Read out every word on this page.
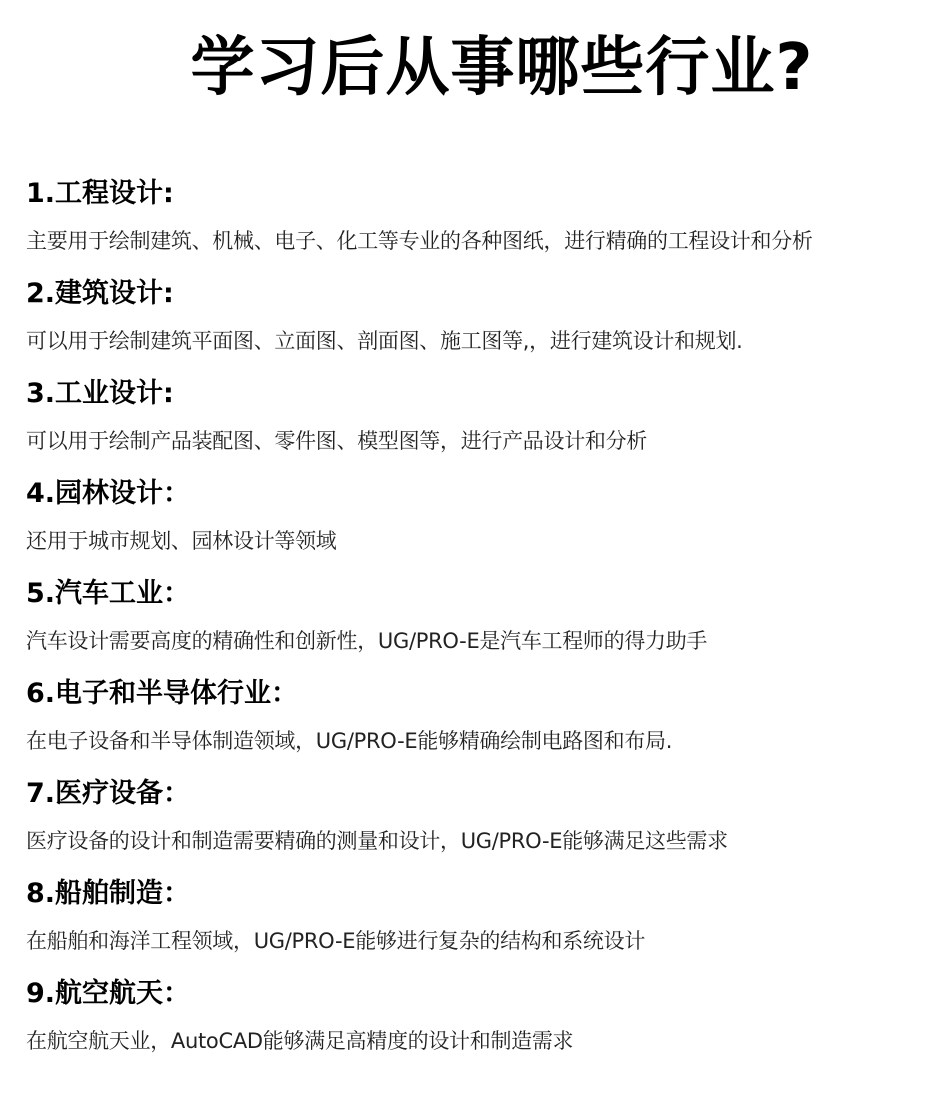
学习后从事哪些行业?
1.工程设计:
主要用于绘制建筑、机械、电子、化工等专业的各种图纸，进行精确的工程设计和分析
2.建筑设计:
可以用于绘制建筑平面图、立面图、剖面图、施工图等,，进行建筑设计和规划.
3.工业设计:
可以用于绘制产品装配图、零件图、模型图等，进行产品设计和分析
4.园林设计：
还用于城市规划、园林设计等领域
5.汽车工业：
汽车设计需要高度的精确性和创新性，UG/PRO-E是汽车工程师的得力助手
6.电子和半导体行业：
在电子设备和半导体制造领域，UG/PRO-E能够精确绘制电路图和布局.
7.医疗设备：
医疗设备的设计和制造需要精确的测量和设计，UG/PRO-E能够满足这些需求
8.船舶制造：
在船舶和海洋工程领域，UG/PRO-E能够进行复杂的结构和系统设计
9.航空航天：
在航空航天业，AutoCAD能够满足高精度的设计和制造需求
